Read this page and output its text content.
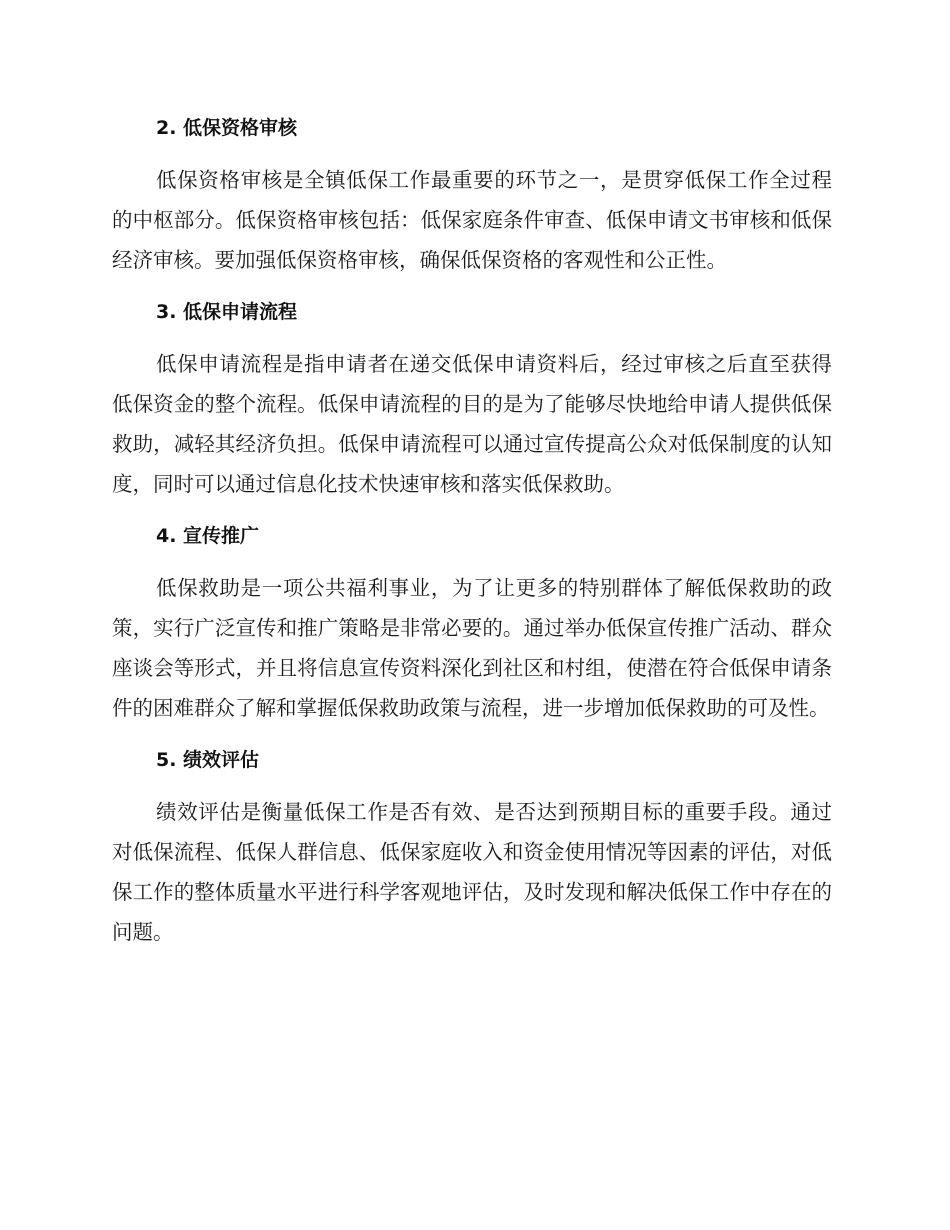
2. 低保资格审核

低保资格审核是全镇低保工作最重要的环节之一，是贯穿低保工作全过程的中枢部分。低保资格审核包括：低保家庭条件审查、低保申请文书审核和低保经济审核。要加强低保资格审核，确保低保资格的客观性和公正性。

3. 低保申请流程

低保申请流程是指申请者在递交低保申请资料后，经过审核之后直至获得低保资金的整个流程。低保申请流程的目的是为了能够尽快地给申请人提供低保救助，减轻其经济负担。低保申请流程可以通过宣传提高公众对低保制度的认知度，同时可以通过信息化技术快速审核和落实低保救助。

4. 宣传推广

低保救助是一项公共福利事业，为了让更多的特别群体了解低保救助的政策，实行广泛宣传和推广策略是非常必要的。通过举办低保宣传推广活动、群众座谈会等形式，并且将信息宣传资料深化到社区和村组，使潜在符合低保申请条件的困难群众了解和掌握低保救助政策与流程，进一步增加低保救助的可及性。

5. 绩效评估

绩效评估是衡量低保工作是否有效、是否达到预期目标的重要手段。通过对低保流程、低保人群信息、低保家庭收入和资金使用情况等因素的评估，对低保工作的整体质量水平进行科学客观地评估，及时发现和解决低保工作中存在的问题。
